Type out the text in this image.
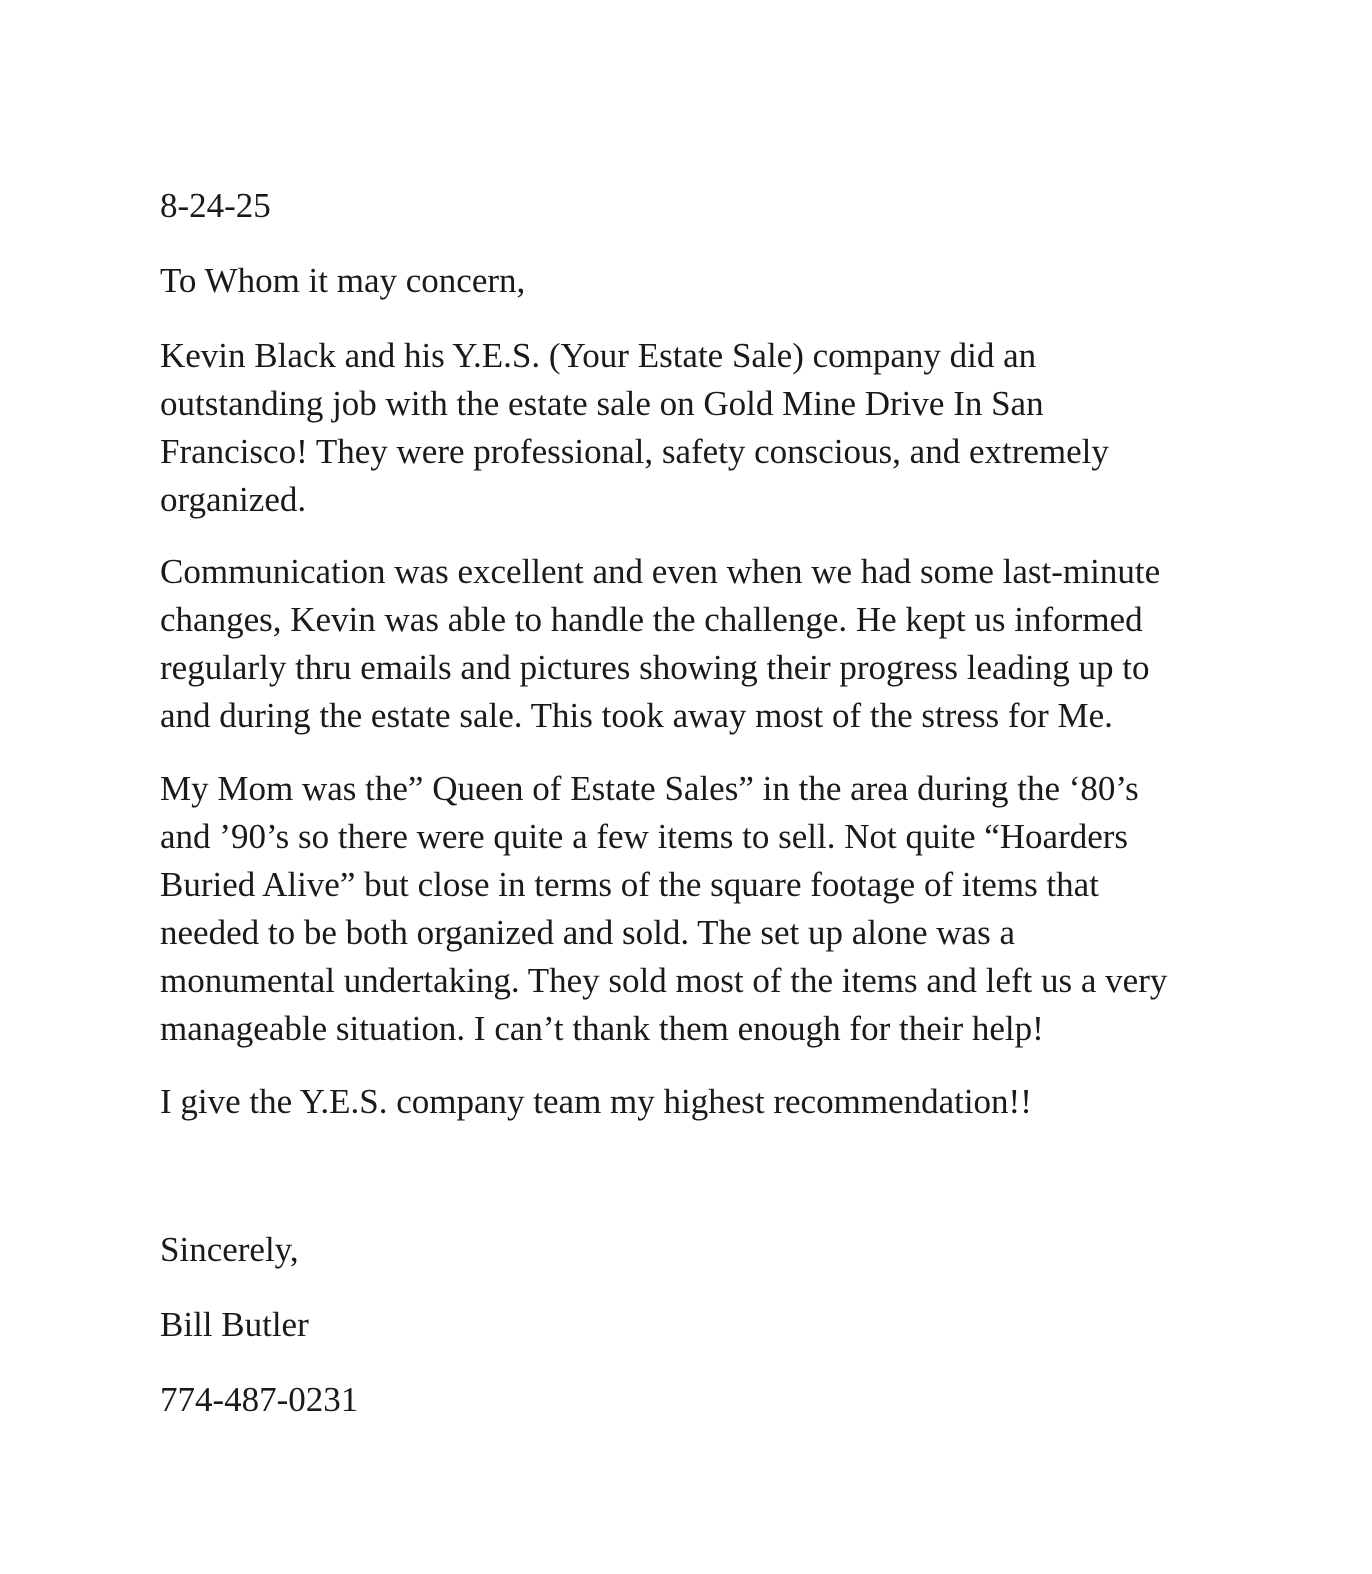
8-24-25

To Whom it may concern,

Kevin Black and his Y.E.S. (Your Estate Sale) company did an
outstanding job with the estate sale on Gold Mine Drive In San
Francisco! They were professional, safety conscious, and extremely
organized.

Communication was excellent and even when we had some last-minute
changes, Kevin was able to handle the challenge. He kept us informed
regularly thru emails and pictures showing their progress leading up to
and during the estate sale. This took away most of the stress for Me.

My Mom was the” Queen of Estate Sales” in the area during the ‘80’s
and ’90’s so there were quite a few items to sell. Not quite “Hoarders
Buried Alive” but close in terms of the square footage of items that
needed to be both organized and sold. The set up alone was a
monumental undertaking. They sold most of the items and left us a very
manageable situation. I can’t thank them enough for their help!

I give the Y.E.S. company team my highest recommendation!!

Sincerely,

Bill Butler

774-487-0231
